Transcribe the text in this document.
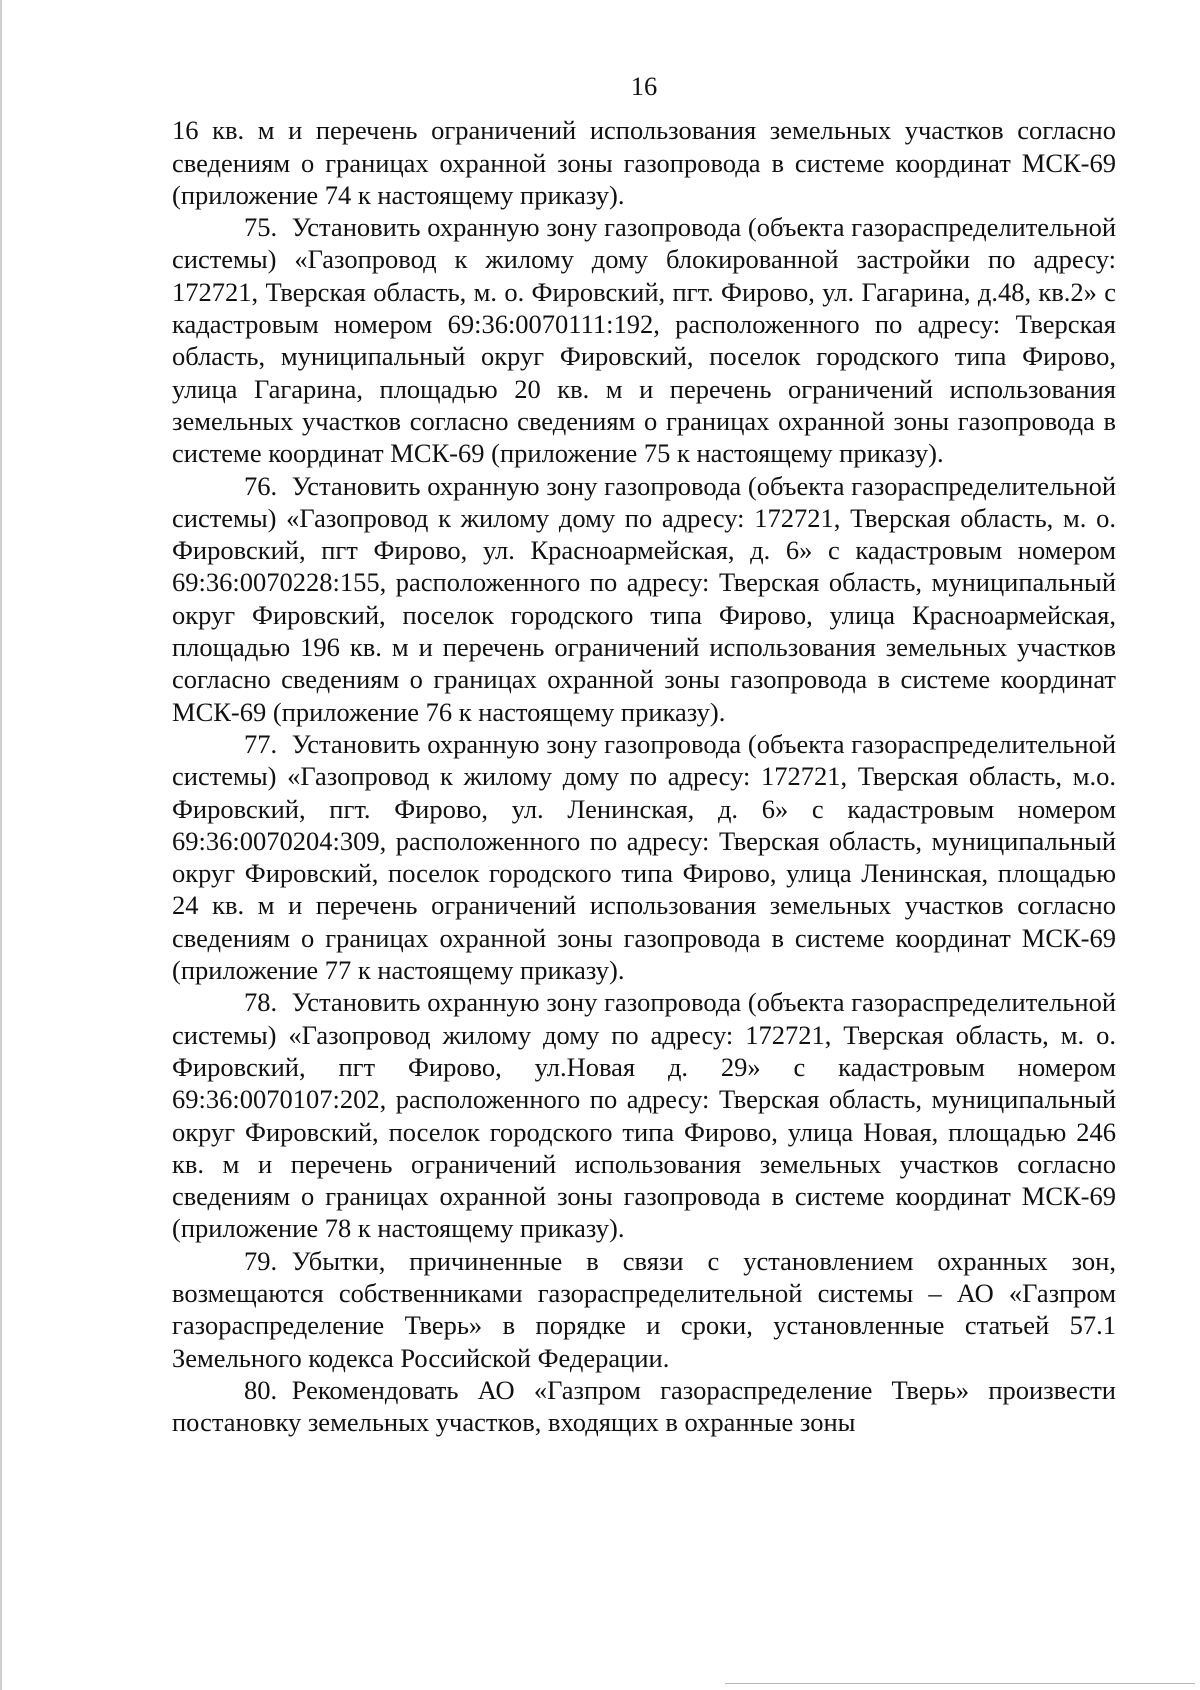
16

16 кв. м и перечень ограничений использования земельных участков согласно сведениям о границах охранной зоны газопровода в системе координат МСК-69 (приложение 74 к настоящему приказу).

75. Установить охранную зону газопровода (объекта газораспределительной системы) «Газопровод к жилому дому блокированной застройки по адресу: 172721, Тверская область, м. о. Фировский, пгт. Фирово, ул. Гагарина, д.48, кв.2» с кадастровым номером 69:36:0070111:192, расположенного по адресу: Тверская область, муниципальный округ Фировский, поселок городского типа Фирово, улица Гагарина, площадью 20 кв. м и перечень ограничений использования земельных участков согласно сведениям о границах охранной зоны газопровода в системе координат МСК-69 (приложение 75 к настоящему приказу).

76. Установить охранную зону газопровода (объекта газораспределительной системы) «Газопровод к жилому дому по адресу: 172721, Тверская область, м. о. Фировский, пгт Фирово, ул. Красноармейская, д. 6» с кадастровым номером 69:36:0070228:155, расположенного по адресу: Тверская область, муниципальный округ Фировский, поселок городского типа Фирово, улица Красноармейская, площадью 196 кв. м и перечень ограничений использования земельных участков согласно сведениям о границах охранной зоны газопровода в системе координат МСК-69 (приложение 76 к настоящему приказу).

77. Установить охранную зону газопровода (объекта газораспределительной системы) «Газопровод к жилому дому по адресу: 172721, Тверская область, м.о. Фировский, пгт. Фирово, ул. Ленинская, д. 6» с кадастровым номером 69:36:0070204:309, расположенного по адресу: Тверская область, муниципальный округ Фировский, поселок городского типа Фирово, улица Ленинская, площадью 24 кв. м и перечень ограничений использования земельных участков согласно сведениям о границах охранной зоны газопровода в системе координат МСК-69 (приложение 77 к настоящему приказу).

78. Установить охранную зону газопровода (объекта газораспределительной системы) «Газопровод жилому дому по адресу: 172721, Тверская область, м. о. Фировский, пгт Фирово, ул.Новая д. 29» с кадастровым номером 69:36:0070107:202, расположенного по адресу: Тверская область, муниципальный округ Фировский, поселок городского типа Фирово, улица Новая, площадью 246 кв. м и перечень ограничений использования земельных участков согласно сведениям о границах охранной зоны газопровода в системе координат МСК-69 (приложение 78 к настоящему приказу).

79. Убытки, причиненные в связи с установлением охранных зон, возмещаются собственниками газораспределительной системы – АО «Газпром газораспределение Тверь» в порядке и сроки, установленные статьей 57.1 Земельного кодекса Российской Федерации.

80. Рекомендовать АО «Газпром газораспределение Тверь» произвести постановку земельных участков, входящих в охранные зоны
